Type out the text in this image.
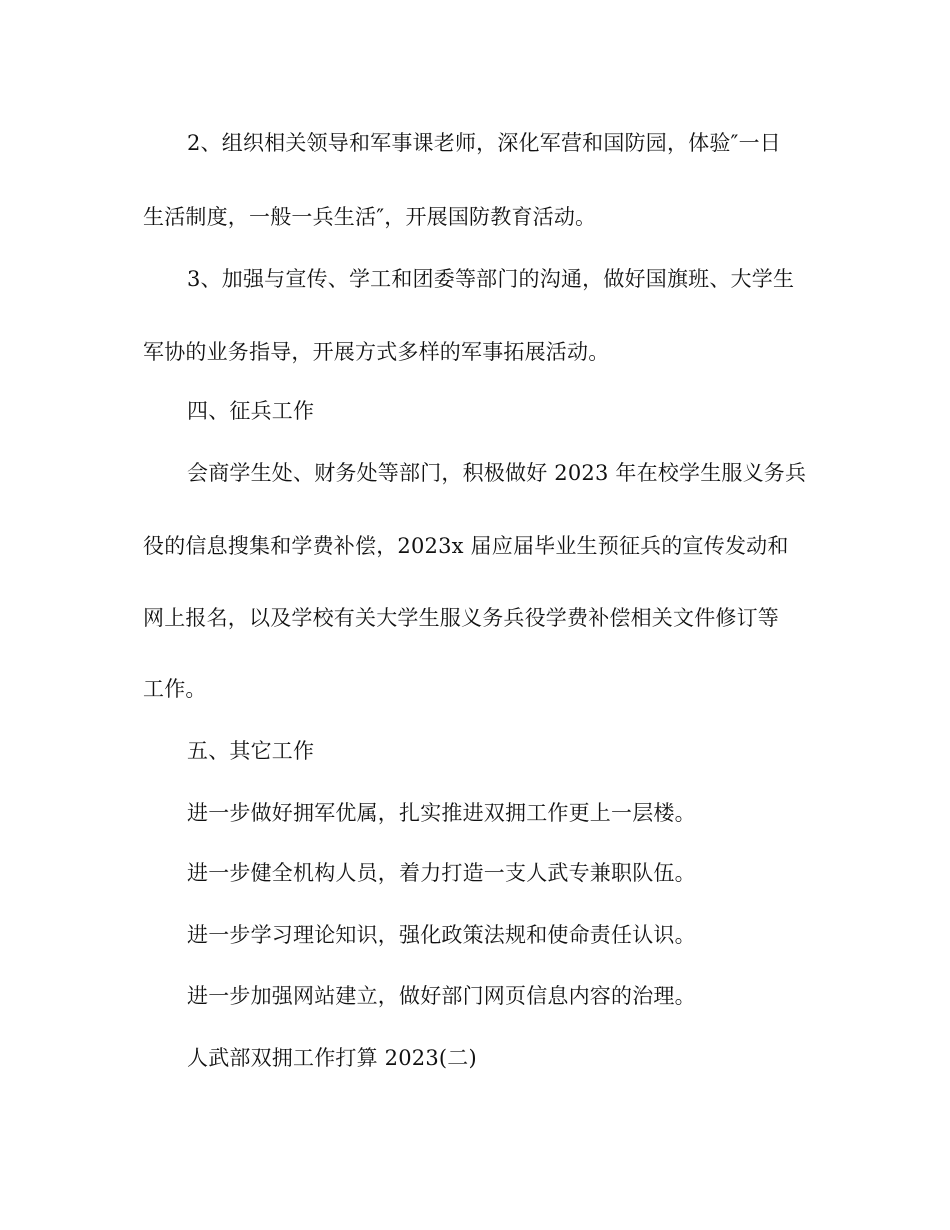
2、组织相关领导和军事课老师，深化军营和国防园，体验″一日
生活制度，一般一兵生活″，开展国防教育活动。
3、加强与宣传、学工和团委等部门的沟通，做好国旗班、大学生
军协的业务指导，开展方式多样的军事拓展活动。
四、征兵工作
会商学生处、财务处等部门，积极做好 2023 年在校学生服义务兵
役的信息搜集和学费补偿，2023x 届应届毕业生预征兵的宣传发动和
网上报名，以及学校有关大学生服义务兵役学费补偿相关文件修订等
工作。
五、其它工作
进一步做好拥军优属，扎实推进双拥工作更上一层楼。
进一步健全机构人员，着力打造一支人武专兼职队伍。
进一步学习理论知识，强化政策法规和使命责任认识。
进一步加强网站建立，做好部门网页信息内容的治理。
人武部双拥工作打算 2023(二)
